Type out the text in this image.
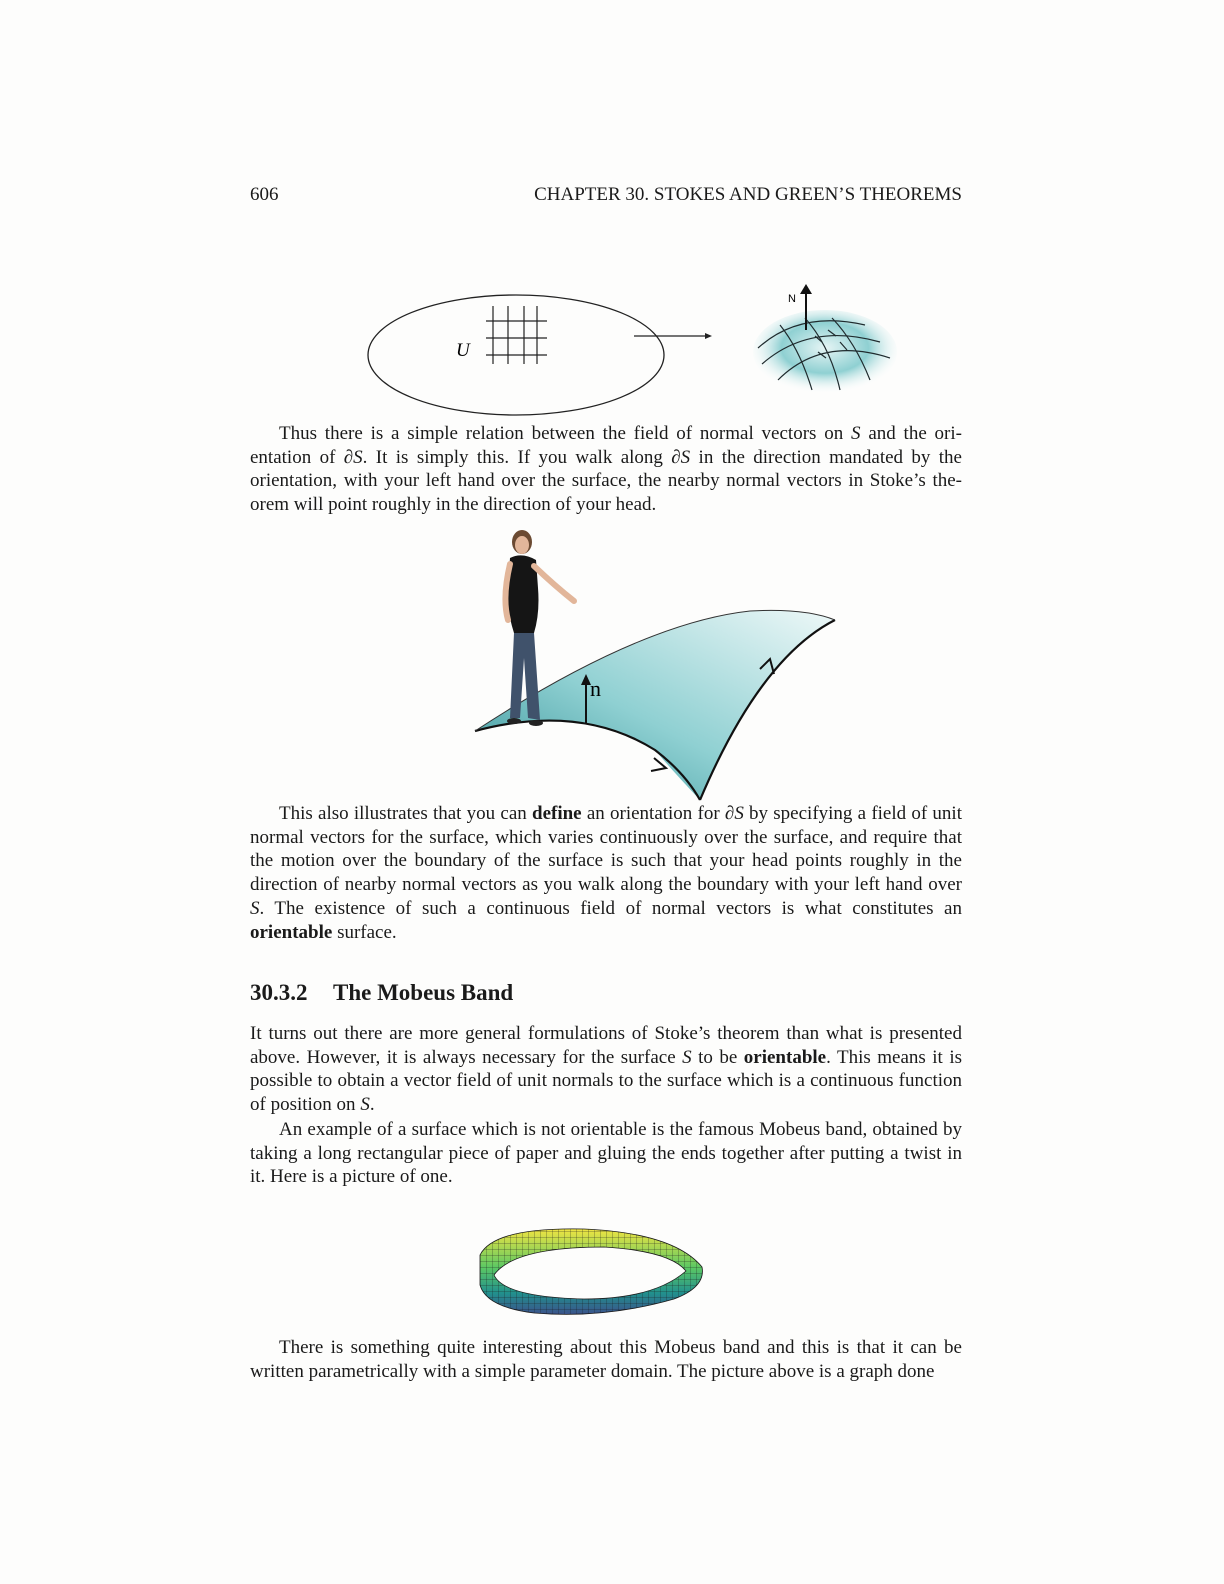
606	CHAPTER 30. STOKES AND GREEN’S THEOREMS
U
N

Thus there is a simple relation between the field of normal vectors on S and the ori-entation of ∂S. It is simply this. If you walk along ∂S in the direction mandated by the orientation, with your left hand over the surface, the nearby normal vectors in Stoke’s the-orem will point roughly in the direction of your head.

n

This also illustrates that you can define an orientation for ∂S by specifying a field of unit normal vectors for the surface, which varies continuously over the surface, and require that the motion over the boundary of the surface is such that your head points roughly in the direction of nearby normal vectors as you walk along the boundary with your left hand over S. The existence of such a continuous field of normal vectors is what constitutes an orientable surface.

30.3.2 The Mobeus Band

It turns out there are more general formulations of Stoke’s theorem than what is presented above. However, it is always necessary for the surface S to be orientable. This means it is possible to obtain a vector field of unit normals to the surface which is a continuous function of position on S.

An example of a surface which is not orientable is the famous Mobeus band, obtained by taking a long rectangular piece of paper and gluing the ends together after putting a twist in it. Here is a picture of one.

There is something quite interesting about this Mobeus band and this is that it can be written parametrically with a simple parameter domain. The picture above is a graph done
